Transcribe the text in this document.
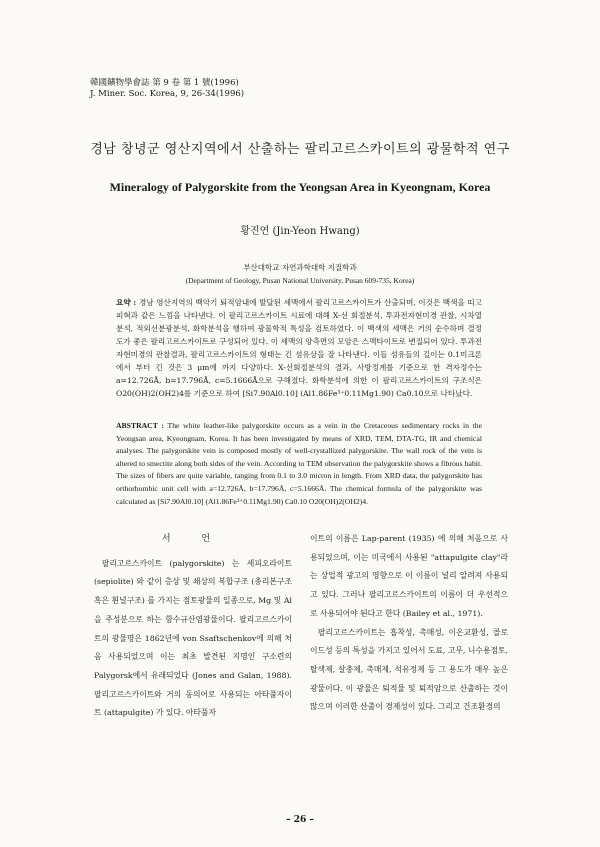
韓國鑛物學會誌 第 9 卷 第 1 號(1996)
J. Miner. Soc. Korea, 9, 26-34(1996)
경남 창녕군 영산지역에서 산출하는 팔리고르스카이트의 광물학적 연구
Mineralogy of Palygorskite from the Yeongsan Area in Kyeongnam, Korea
황진연 (Jin-Yeon Hwang)
부산대학교 자연과학대학 지질학과
(Department of Geology, Pusan National University, Pusan 609-735, Korea)
요약 : 경남 영산지역의 백악기 퇴적암내에 발달된 세맥에서 팔리고르스카이트가 산출되며, 이것은 백색을 띠고 피혁과 같은 느낌을 나타낸다. 이 팔리고르스카이트 시료에 대해 X-선 회절분석, 투과전자현미경 관찰, 시차열분석, 적외선분광분석, 화학분석을 행하여 광물학적 특성을 검토하였다. 이 백색의 세맥은 거의 순수하며 결정도가 좋은 팔리고르스카이트로 구성되어 있다. 이 세맥의 양측면의 모암은 스멕타이트로 변질되어 있다. 투과전자현미경의 관찰결과, 팔리고르스카이트의 형태는 긴 섬유상을 잘 나타낸다. 이들 섬유들의 길이는 0.1미크론에서 부터 긴 것은 3 μm에 까지 다양하다. X-선회절분석의 결과, 사방정계를 기준으로 한 격자정수는 a=12.726Å, b=17.796Å, c=5.1666Å으로 구해졌다. 화학분석에 의한 이 팔리고르스카이트의 구조식은 O20(OH)2(OH2)4를 기준으로 하여 [Si7.90Al0.10] (Al1.86Fe³⁺0.11Mg1.90) Ca0.10으로 나타났다.
ABSTRACT : The white leather-like palygorskite occurs as a vein in the Cretaceous sedimentary rocks in the Yeongsan area, Kyeongnam, Korea. It has been investigated by means of XRD, TEM, DTA-TG, IR and chemical analyses. The palygorskite vein is composed mostly of well-crystallized palygorskite. The wall rock of the vein is altered to smectite along both sides of the vein. According to TEM observation the palygorskite shows a fibrous habit. The sizes of fibers are quite variable, ranging from 0.1 to 3.0 micron in length. From XRD data, the palygorskite has orthorhombic unit cell with a=12.726Å, b=17.796Å, c=5.1666Å. The chemical formula of the palygorskite was calculated as [Si7.90Al0.10] (Al1.86Fe³⁺0.11Mg1.90) Ca0.10 O20(OH)2(OH2)4.
서 언

팔리고르스카이트 (palygorskite) 는 세피오라이트 (sepiolite) 와 같이 층상 및 쇄상의 복합구조 (충리본구조 혹은 휜널구조) 를 가지는 점토광물의 일종으로, Mg 및 Al을 주성분으로 하는 함수규산염광물이다. 팔리고르스카이트의 광물명은 1862년에 von Ssaftschenkov에 의해 처음 사용되었으며 이는 최초 발견된 지명인 구소련의 Palygorsk에서 유래되었다 (Jones and Galan, 1988). 팔리고르스카이트와 거의 동의어로 사용되는 아타풀자이트 (attapulgite) 가 있다. 아타풀자

이트의 이름은 Lap-parent (1935) 에 의해 처음으로 사용되었으며, 이는 미국에서 사용된 "attapulgite clay"라는 상업적 광고의 영향으로 이 이름이 널리 알려져 사용되고 있다. 그러나 팔리고르스카이트의 이름이 더 우선적으로 사용되어야 된다고 한다 (Bailey et al., 1971).

팔리고르스카이트는 흡착성, 촉매성, 이온교환성, 콜로이드성 등의 특성을 가지고 있어서 도료, 고무, 니수용점토, 탈색제, 살충제, 촉매제, 석유정제 등 그 용도가 매우 높은 광물이다. 이 광물은 퇴적물 및 퇴적암으로 산출하는 것이 많으며 이러한 산출이 경제성이 있다. 그리고 건조환경의

– 26 –
